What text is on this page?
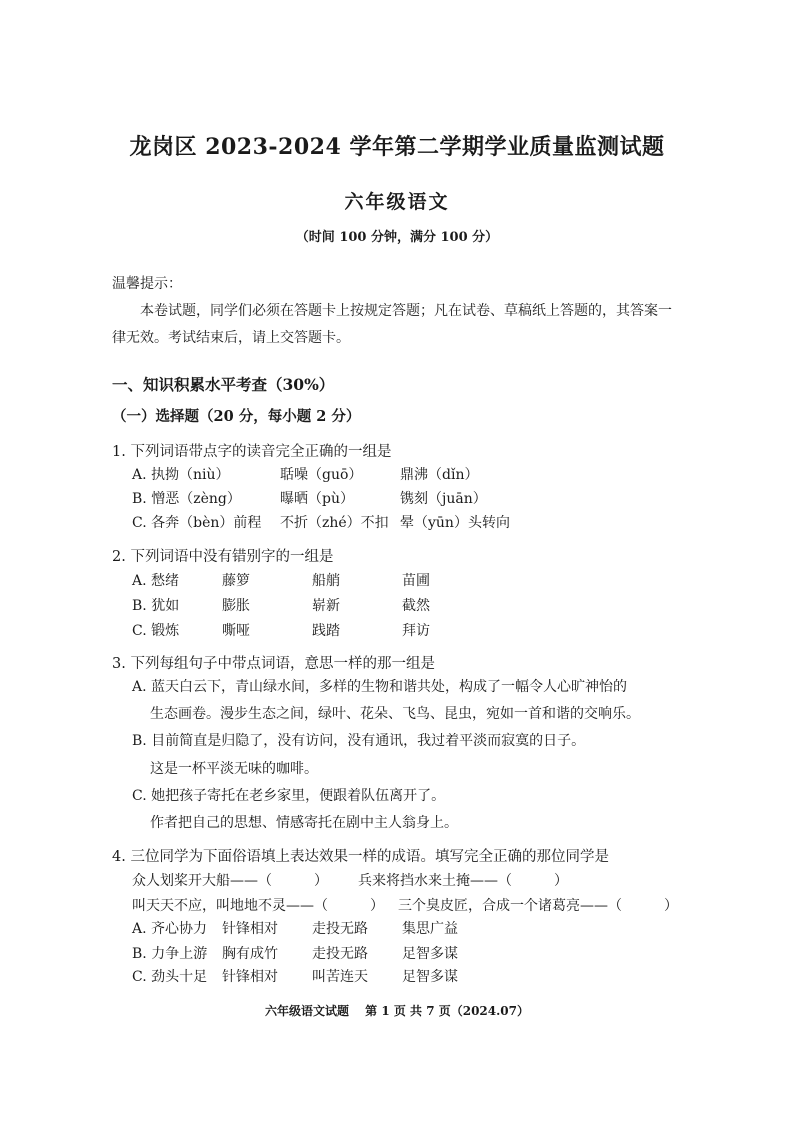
龙岗区 2023-2024 学年第二学期学业质量监测试题
六年级语文
（时间 100 分钟，满分 100 分）
温馨提示：
本卷试题，同学们必须在答题卡上按规定答题；凡在试卷、草稿纸上答题的，其答案一律无效。考试结束后，请上交答题卡。
一、知识积累水平考查（30%）
（一）选择题（20 分，每小题 2 分）
1. 下列词语带点字的读音完全正确的一组是
A. 执拗（niù）	聒噪（guō）	鼎沸（dǐn）
B. 憎恶（zèng）	曝晒（pù）	镌刻（juān）
C. 各奔（bèn）前程	不折（zhé）不扣 晕（yūn）头转向
2. 下列词语中没有错别字的一组是
A. 愁绪	藤箩	船艄	苗圃
B. 犹如	膨胀	崭新	截然
C. 锻炼	嘶哑	践踏	拜访
3. 下列每组句子中带点词语，意思一样的那一组是
A. 蓝天白云下，青山绿水间，多样的生物和谐共处，构成了一幅令人心旷神怡的
生态画卷。漫步生态之间，绿叶、花朵、飞鸟、昆虫，宛如一首和谐的交响乐。
B. 目前简直是归隐了，没有访问，没有通讯，我过着平淡而寂寞的日子。
这是一杯平淡无味的咖啡。
C. 她把孩子寄托在老乡家里，便跟着队伍离开了。
作者把自己的思想、情感寄托在剧中主人翁身上。
4. 三位同学为下面俗语填上表达效果一样的成语。填写完全正确的那位同学是
众人划桨开大船——（　　　） 兵来将挡水来土掩——（　　　）
叫天天不应，叫地地不灵——（　　　） 三个臭皮匠，合成一个诸葛亮——（　　　）
A. 齐心协力	针锋相对	走投无路	集思广益
B. 力争上游	胸有成竹	走投无路	足智多谋
C. 劲头十足	针锋相对	叫苦连天	足智多谋
六年级语文试题　 第 1 页 共 7 页（2024.07）
